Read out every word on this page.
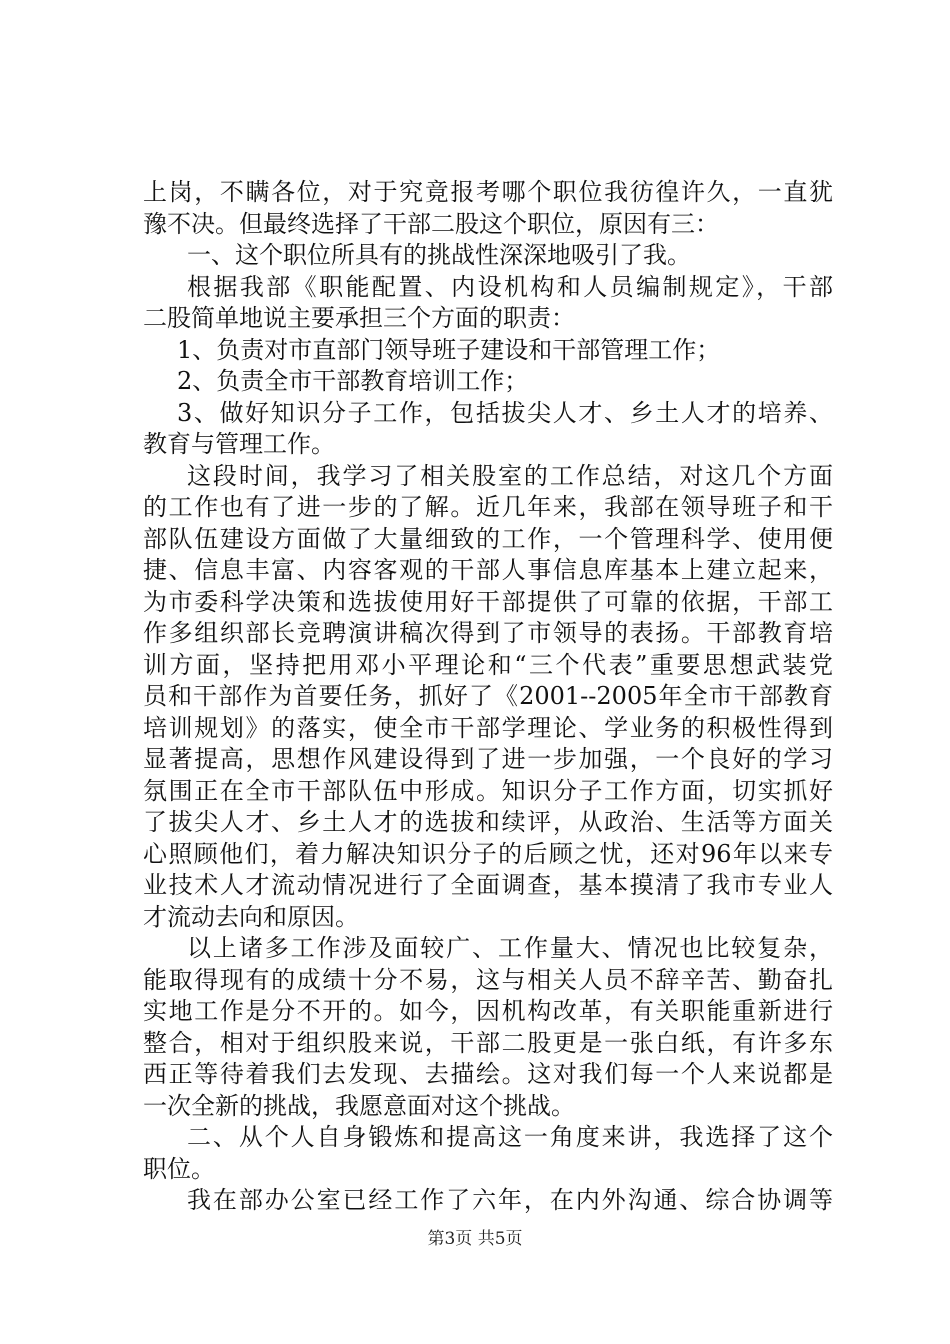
上岗，不瞒各位，对于究竟报考哪个职位我彷徨许久，一直犹
豫不决。但最终选择了干部二股这个职位，原因有三：
一、这个职位所具有的挑战性深深地吸引了我。
根据我部《职能配置、内设机构和人员编制规定》，干部
二股简单地说主要承担三个方面的职责：
1、负责对市直部门领导班子建设和干部管理工作；
2、负责全市干部教育培训工作；
3、做好知识分子工作，包括拔尖人才、乡土人才的培养、
教育与管理工作。
这段时间，我学习了相关股室的工作总结，对这几个方面
的工作也有了进一步的了解。近几年来，我部在领导班子和干
部队伍建设方面做了大量细致的工作，一个管理科学、使用便
捷、信息丰富、内容客观的干部人事信息库基本上建立起来，
为市委科学决策和选拔使用好干部提供了可靠的依据，干部工
作多组织部长竞聘演讲稿次得到了市领导的表扬。干部教育培
训方面，坚持把用邓小平理论和“三个代表”重要思想武装党
员和干部作为首要任务，抓好了《2001--2005年全市干部教育
培训规划》的落实，使全市干部学理论、学业务的积极性得到
显著提高，思想作风建设得到了进一步加强，一个良好的学习
氛围正在全市干部队伍中形成。知识分子工作方面，切实抓好
了拔尖人才、乡土人才的选拔和续评，从政治、生活等方面关
心照顾他们，着力解决知识分子的后顾之忧，还对96年以来专
业技术人才流动情况进行了全面调查，基本摸清了我市专业人
才流动去向和原因。
以上诸多工作涉及面较广、工作量大、情况也比较复杂，
能取得现有的成绩十分不易，这与相关人员不辞辛苦、勤奋扎
实地工作是分不开的。如今，因机构改革，有关职能重新进行
整合，相对于组织股来说，干部二股更是一张白纸，有许多东
西正等待着我们去发现、去描绘。这对我们每一个人来说都是
一次全新的挑战，我愿意面对这个挑战。
二、从个人自身锻炼和提高这一角度来讲，我选择了这个
职位。
我在部办公室已经工作了六年，在内外沟通、综合协调等
第3页 共5页
